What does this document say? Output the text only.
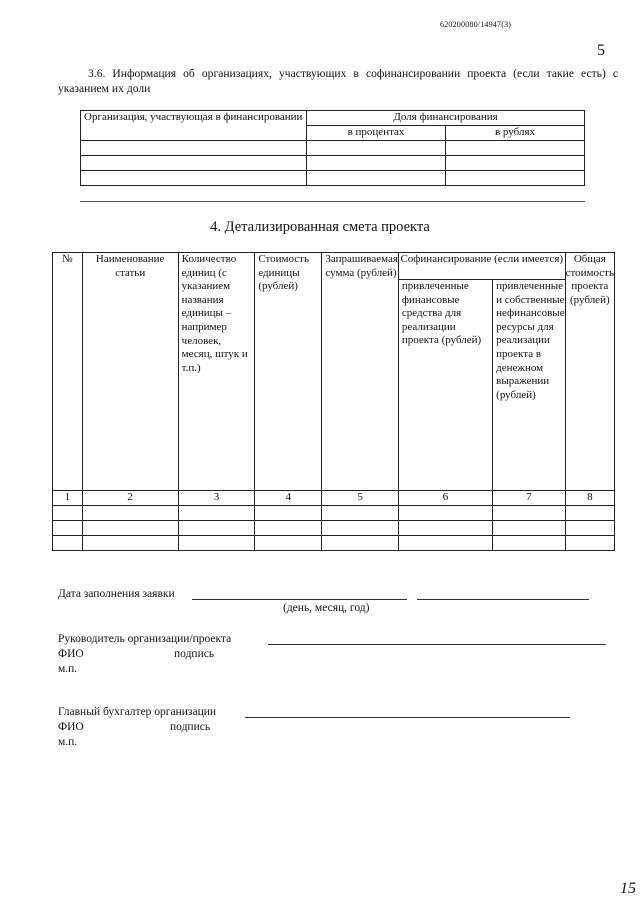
620200080/14947(3)
5
3.6. Информация об организациях, участвующих в софинансировании проекта (если такие есть) с указанием их доли
Организация, участвующая в финансировании	Доля финансирования	
	в процентах	в рублях

4. Детализированная смета проекта
№	Наименование статьи	Количество единиц (с указанием названия единицы – например человек, месяц, штук и т.п.)	Стоимость единицы (рублей)	Запрашиваемая сумма (рублей)	Софинансирование (если имеется)		Общая стоимость проекта (рублей)
					привлеченные финансовые средства для реализации проекта (рублей)	привлеченные и собственные нефинансовые ресурсы для реализации проекта в денежном выражении (рублей)	
1	2	3	4	5	6	7	8

Дата заполнения заявки
(день, месяц, год)
Руководитель организации/проекта
ФИО	подпись
м.п.
Главный бухгалтер организации
ФИО	подпись
м.п.
15
